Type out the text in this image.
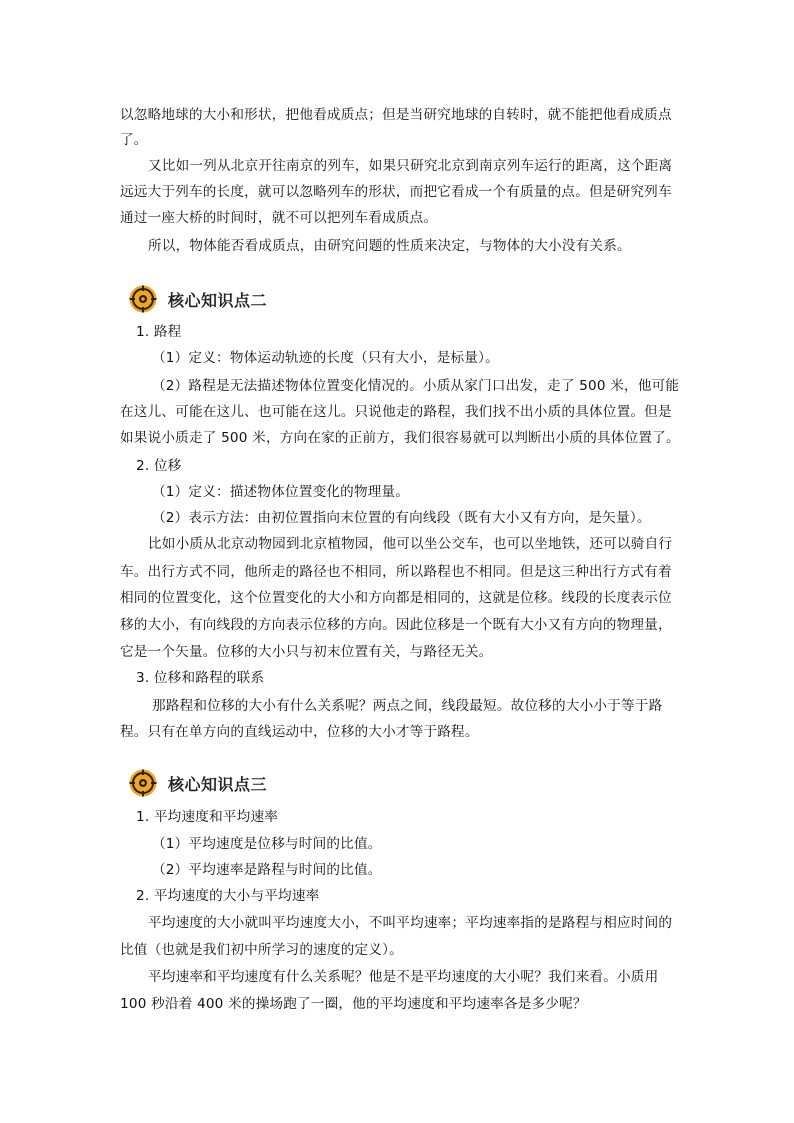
以忽略地球的大小和形状，把他看成质点；但是当研究地球的自转时，就不能把他看成质点
了。
又比如一列从北京开往南京的列车，如果只研究北京到南京列车运行的距离，这个距离
远远大于列车的长度，就可以忽略列车的形状，而把它看成一个有质量的点。但是研究列车
通过一座大桥的时间时，就不可以把列车看成质点。
所以，物体能否看成质点，由研究问题的性质来决定，与物体的大小没有关系。
核心知识点二
1. 路程
（1）定义：物体运动轨迹的长度（只有大小，是标量）。
（2）路程是无法描述物体位置变化情况的。小质从家门口出发，走了 500 米，他可能
在这儿、可能在这儿、也可能在这儿。只说他走的路程，我们找不出小质的具体位置。但是
如果说小质走了 500 米，方向在家的正前方，我们很容易就可以判断出小质的具体位置了。
2. 位移
（1）定义：描述物体位置变化的物理量。
（2）表示方法：由初位置指向末位置的有向线段（既有大小又有方向，是矢量）。
比如小质从北京动物园到北京植物园，他可以坐公交车，也可以坐地铁，还可以骑自行
车。出行方式不同，他所走的路径也不相同，所以路程也不相同。但是这三种出行方式有着
相同的位置变化，这个位置变化的大小和方向都是相同的，这就是位移。线段的长度表示位
移的大小，有向线段的方向表示位移的方向。因此位移是一个既有大小又有方向的物理量，
它是一个矢量。位移的大小只与初末位置有关，与路径无关。
3. 位移和路程的联系
那路程和位移的大小有什么关系呢？两点之间，线段最短。故位移的大小小于等于路
程。只有在单方向的直线运动中，位移的大小才等于路程。
核心知识点三
1. 平均速度和平均速率
（1）平均速度是位移与时间的比值。
（2）平均速率是路程与时间的比值。
2. 平均速度的大小与平均速率
平均速度的大小就叫平均速度大小，不叫平均速率；平均速率指的是路程与相应时间的
比值（也就是我们初中所学习的速度的定义）。
平均速率和平均速度有什么关系呢？他是不是平均速度的大小呢？我们来看。小质用
100 秒沿着 400 米的操场跑了一圈，他的平均速度和平均速率各是多少呢？
